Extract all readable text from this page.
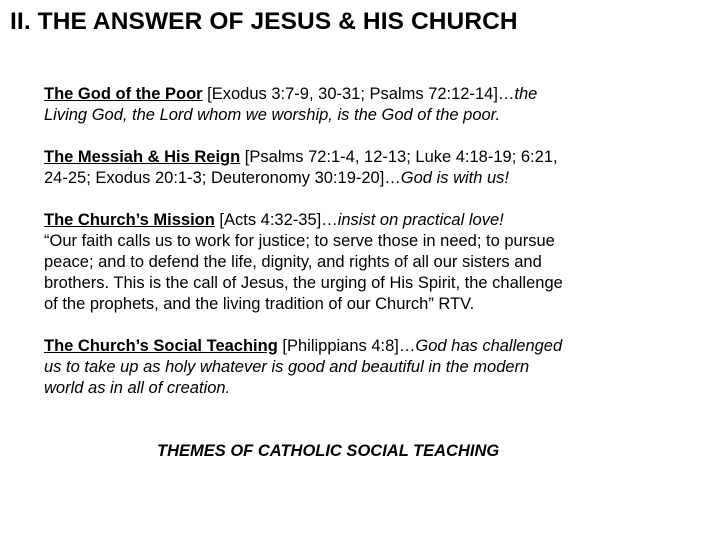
II. THE ANSWER OF JESUS & HIS CHURCH

The God of the Poor [Exodus 3:7-9, 30-31; Psalms 72:12-14]…the
Living God, the Lord whom we worship, is the God of the poor.

The Messiah & His Reign [Psalms 72:1-4, 12-13; Luke 4:18-19; 6:21,
24-25; Exodus 20:1-3; Deuteronomy 30:19-20]…God is with us!

The Church’s Mission [Acts 4:32-35]…insist on practical love!
“Our faith calls us to work for justice; to serve those in need; to pursue
peace; and to defend the life, dignity, and rights of all our sisters and
brothers. This is the call of Jesus, the urging of His Spirit, the challenge
of the prophets, and the living tradition of our Church” RTV.

The Church’s Social Teaching [Philippians 4:8]…God has challenged
us to take up as holy whatever is good and beautiful in the modern
world as in all of creation.

THEMES OF CATHOLIC SOCIAL TEACHING
